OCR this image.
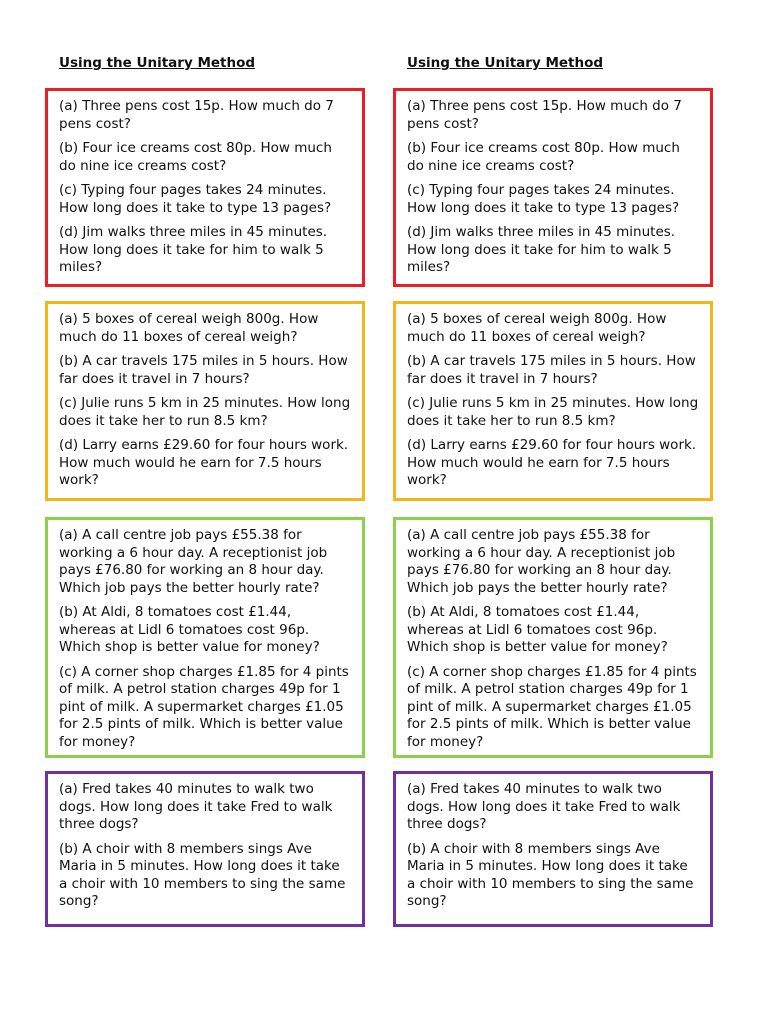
Using the Unitary Method

(a) Three pens cost 15p. How much do 7 pens cost?

(b) Four ice creams cost 80p. How much do nine ice creams cost?

(c) Typing four pages takes 24 minutes. How long does it take to type 13 pages?

(d) Jim walks three miles in 45 minutes. How long does it take for him to walk 5 miles?

(a) 5 boxes of cereal weigh 800g. How much do 11 boxes of cereal weigh?

(b) A car travels 175 miles in 5 hours. How far does it travel in 7 hours?

(c) Julie runs 5 km in 25 minutes. How long does it take her to run 8.5 km?

(d) Larry earns £29.60 for four hours work. How much would he earn for 7.5 hours work?

(a) A call centre job pays £55.38 for working a 6 hour day. A receptionist job pays £76.80 for working an 8 hour day. Which job pays the better hourly rate?

(b) At Aldi, 8 tomatoes cost £1.44, whereas at Lidl 6 tomatoes cost 96p. Which shop is better value for money?

(c) A corner shop charges £1.85 for 4 pints of milk. A petrol station charges 49p for 1 pint of milk. A supermarket charges £1.05 for 2.5 pints of milk. Which is better value for money?

(a) Fred takes 40 minutes to walk two dogs. How long does it take Fred to walk three dogs?

(b) A choir with 8 members sings Ave Maria in 5 minutes. How long does it take a choir with 10 members to sing the same song?

Using the Unitary Method

(a) Three pens cost 15p. How much do 7 pens cost?

(b) Four ice creams cost 80p. How much do nine ice creams cost?

(c) Typing four pages takes 24 minutes. How long does it take to type 13 pages?

(d) Jim walks three miles in 45 minutes. How long does it take for him to walk 5 miles?

(a) 5 boxes of cereal weigh 800g. How much do 11 boxes of cereal weigh?

(b) A car travels 175 miles in 5 hours. How far does it travel in 7 hours?

(c) Julie runs 5 km in 25 minutes. How long does it take her to run 8.5 km?

(d) Larry earns £29.60 for four hours work. How much would he earn for 7.5 hours work?

(a) A call centre job pays £55.38 for working a 6 hour day. A receptionist job pays £76.80 for working an 8 hour day. Which job pays the better hourly rate?

(b) At Aldi, 8 tomatoes cost £1.44, whereas at Lidl 6 tomatoes cost 96p. Which shop is better value for money?

(c) A corner shop charges £1.85 for 4 pints of milk. A petrol station charges 49p for 1 pint of milk. A supermarket charges £1.05 for 2.5 pints of milk. Which is better value for money?

(a) Fred takes 40 minutes to walk two dogs. How long does it take Fred to walk three dogs?

(b) A choir with 8 members sings Ave Maria in 5 minutes. How long does it take a choir with 10 members to sing the same song?
